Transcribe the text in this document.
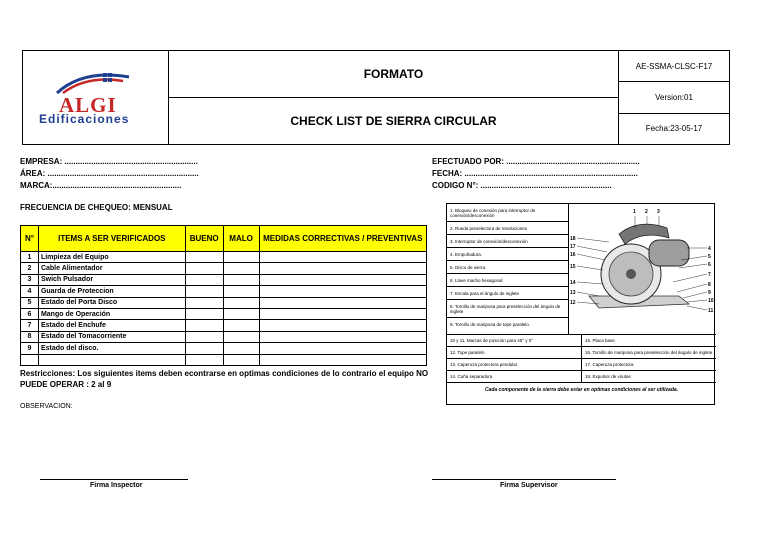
ALGI
Edificaciones
FORMATO
CHECK LIST DE SIERRA CIRCULAR
AE-SSMA-CLSC-F17
Version:01
Fecha:23-05-17
EMPRESA: ............................................................
ÁREA: ....................................................................
MARCA:..........................................................
EFECTUADO POR: ............................................................
FECHA: ..............................................................................
CODIGO N°: ...........................................................
FRECUENCIA DE CHEQUEO: MENSUAL
N°	ITEMS A SER VERIFICADOS	BUENO	MALO	MEDIDAS CORRECTIVAS / PREVENTIVAS
1	Limpieza del Equipo			
2	Cable Alimentador			
3	Swich Pulsador			
4	Guarda de Proteccion			
5	Estado del Porta Disco			
6	Mango de Operación			
7	Estado del Enchufe			
8	Estado del Tomacorriente			
9	Estado del disco.			

Restricciones: Los siguientes items deben econtrarse en optimas condiciones de lo contrario el equipo NO PUEDE OPERAR : 2 al 9
OBSERVACION:
1. Bloqueo de conexión para interruptor de conexión/desconexión
2. Rueda preselectora de revoluciones
3. Interruptor de conexión/desconexión
4. Empuñadura.
5. Disco de sierra.
6. Llave macho hexagonal
7. Escala para el ángulo de inglete
8. Tornillo de mariposa para preselección del ángulo de inglete
9. Tornillo de mariposa de tope paralelo.
1 2 3
18
17
16
15
14
13
12
4
5
6
7
8
9
10
11
10 y 11. Marcas de posición para 45° y 0°	15. Placa base
12. Tope paralelo	16. Tornillo de mariposa para preselección del ángulo de inglete
13. Caperuza protectora pendular	17. Caperuza protectora
14. Cuña separadora	18. Expulsor de virutas
Cada componente de la sierra debe estar en optimas condiciones al ser utilizada.
Firma Inspector	Firma Supervisor
